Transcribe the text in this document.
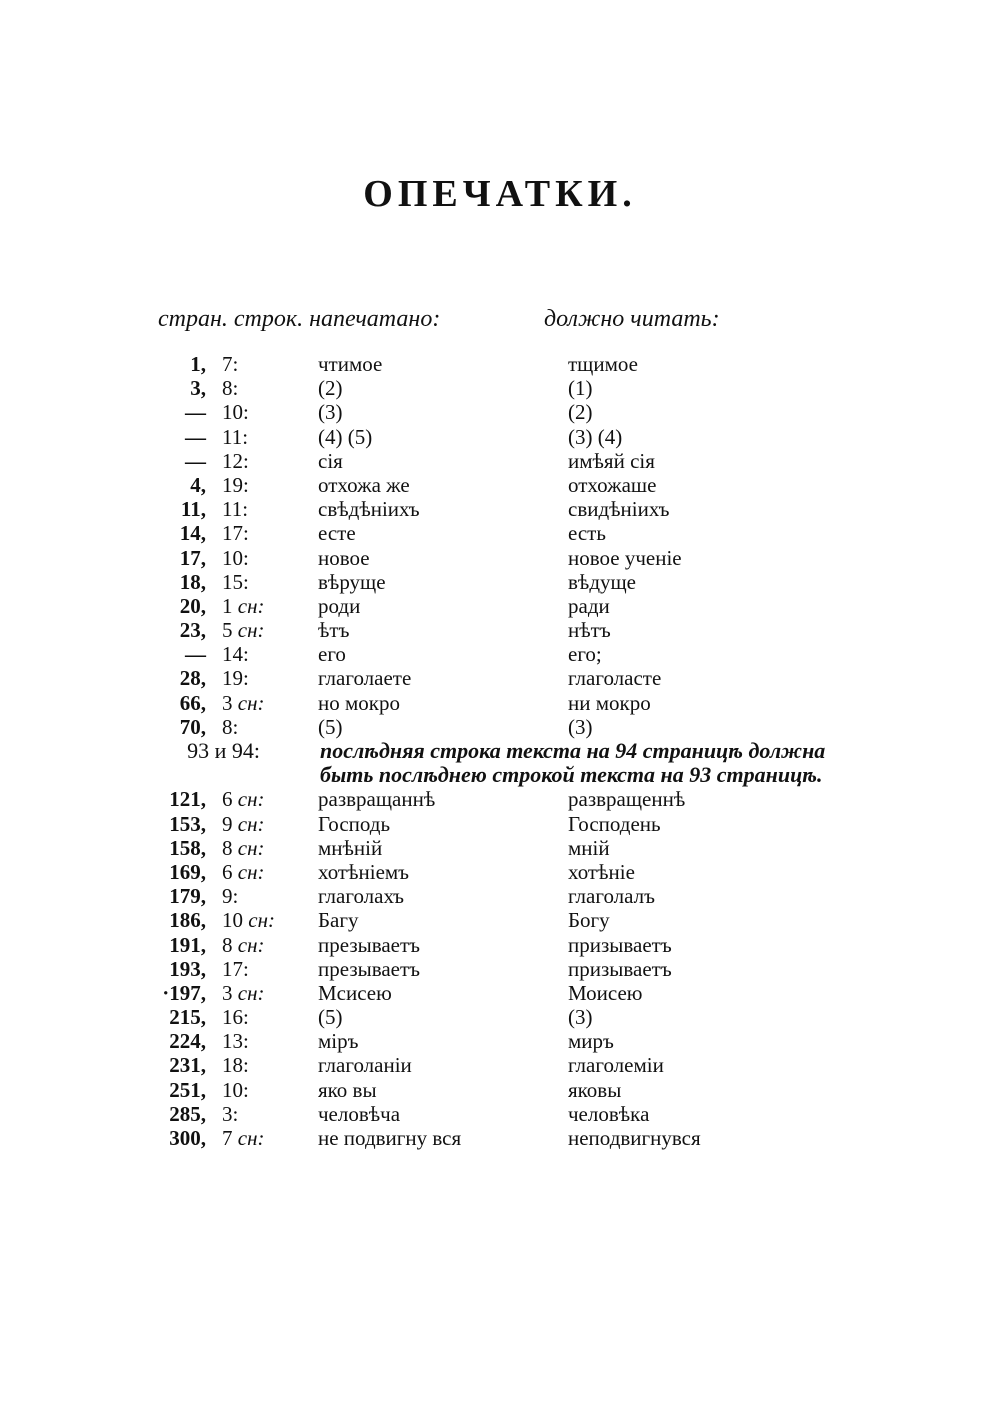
ОПЕЧАТКИ.
стран. строк. напечатано:	должно читать:
1, 7:	чтимое	тщимое
3, 8:	(2)	(1)
— 10:	(3)	(2)
— 11:	(4) (5)	(3) (4)
— 12:	сія	имѣяй сія
4, 19:	отхожа же	отхожаше
11, 11:	свѣдѣніихъ	свидѣніихъ
14, 17:	есте	есть
17, 10:	новое	новое ученіе
18, 15:	вѣруще	вѣдуще
20, 1 сн:	роди	ради
23, 5 сн:	ѣтъ	нѣтъ
— 14:	его	его;
28, 19:	глаголаете	глаголасте
66, 3 сн:	но мокро	ни мокро
70, 8:	(5)	(3)
93 и 94:	послѣдняя строка текста на 94 страницѣ должна
быть послѣднею строкой текста на 93 страницѣ.
121, 6 сн:	развращаннѣ	развращеннѣ
153, 9 сн:	Господь	Господень
158, 8 сн:	мнѣній	мній
169, 6 сн:	хотѣніемъ	хотѣніе
179, 9:	глаголахъ	глаголалъ
186, 10 сн:	Багу	Богу
191, 8 сн:	презываетъ	призываетъ
193, 17:	презываетъ	призываетъ
·197, 3 сн:	Мсисею	Моисею
215, 16:	(5)	(3)
224, 13:	міръ	миръ
231, 18:	глаголаніи	глаголеміи
251, 10:	яко вы	яковы
285, 3:	человѣча	человѣка
300, 7 сн:	не подвигну вся	неподвигнувся
